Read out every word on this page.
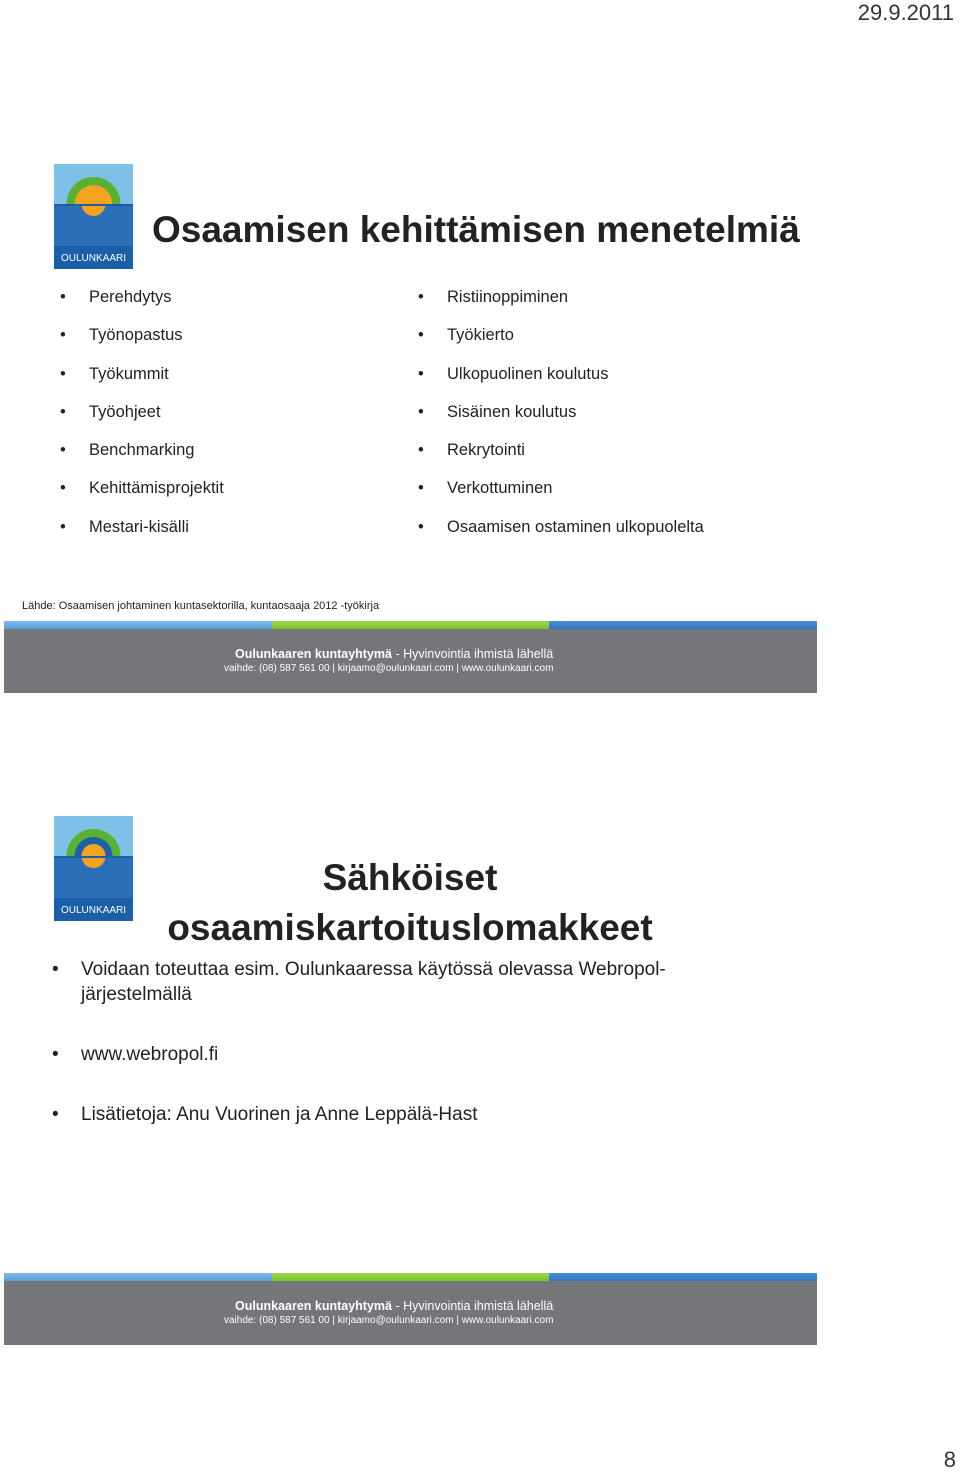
29.9.2011
OULUNKAARI
Osaamisen kehittämisen menetelmiä
• Perehdytys
• Työnopastus
• Työkummit
• Työohjeet
• Benchmarking
• Kehittämisprojektit
• Mestari-kisälli
• Ristiinoppiminen
• Työkierto
• Ulkopuolinen koulutus
• Sisäinen koulutus
• Rekrytointi
• Verkottuminen
• Osaamisen ostaminen ulkopuolelta
Lähde: Osaamisen johtaminen kuntasektorilla, kuntaosaaja 2012 -työkirja
Oulunkaaren kuntayhtymä - Hyvinvointia ihmistä lähellä
vaihde: (08) 587 561 00 | kirjaamo@oulunkaari.com | www.oulunkaari.com
OULUNKAARI
Sähköiset osaamiskartoituslomakkeet
• Voidaan toteuttaa esim. Oulunkaaressa käytössä olevassa Webropol-järjestelmällä
• www.webropol.fi
• Lisätietoja: Anu Vuorinen ja Anne Leppälä-Hast
Oulunkaaren kuntayhtymä - Hyvinvointia ihmistä lähellä
vaihde: (08) 587 561 00 | kirjaamo@oulunkaari.com | www.oulunkaari.com
8
